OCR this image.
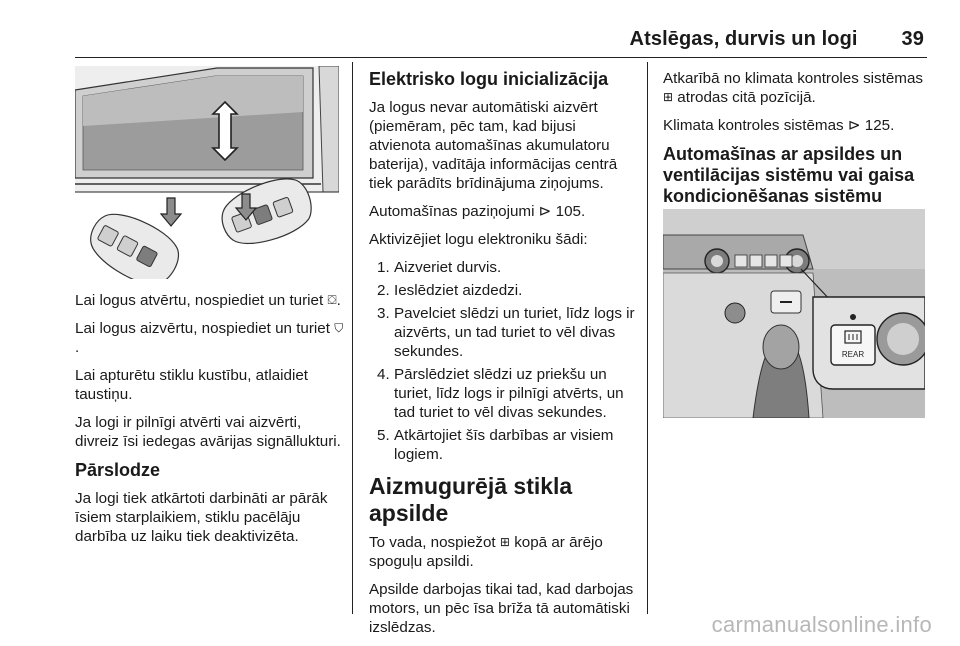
Atslēgas, durvis un logi 39

Lai logus atvērtu, nospiediet un turiet ⛋.

Lai logus aizvērtu, nospiediet un turiet ⛉.

Lai apturētu stiklu kustību, atlaidiet taustiņu.

Ja logi ir pilnīgi atvērti vai aizvērti, divreiz īsi iedegas avārijas signāllukturi.

Pārslodze

Ja logi tiek atkārtoti darbināti ar pārāk īsiem starplaikiem, stiklu pacēlāju darbība uz laiku tiek deaktivizēta.

Elektrisko logu inicializācija

Ja logus nevar automātiski aizvērt (piemēram, pēc tam, kad bijusi atvienota automašīnas akumulatoru baterija), vadītāja informācijas centrā tiek parādīts brīdinājuma ziņojums.

Automašīnas paziņojumi ⊳ 105.

Aktivizējiet logu elektroniku šādi:

1. Aizveriet durvis.
2. Ieslēdziet aizdedzi.
3. Pavelciet slēdzi un turiet, līdz logs ir aizvērts, un tad turiet to vēl divas sekundes.
4. Pārslēdziet slēdzi uz priekšu un turiet, līdz logs ir pilnīgi atvērts, un tad turiet to vēl divas sekundes.
5. Atkārtojiet šīs darbības ar visiem logiem.
Aizmugurējā stikla apsilde

To vada, nospiežot ⊞ kopā ar ārējo spoguļu apsildi.

Apsilde darbojas tikai tad, kad darbojas motors, un pēc īsa brīža tā automātiski izslēdzas.

Atkarībā no klimata kontroles sistēmas ⊞ atrodas citā pozīcijā.

Klimata kontroles sistēmas ⊳ 125.

Automašīnas ar apsildes un ventilācijas sistēmu vai gaisa kondicionēšanas sistēmu
REAR
carmanualsonline.info
